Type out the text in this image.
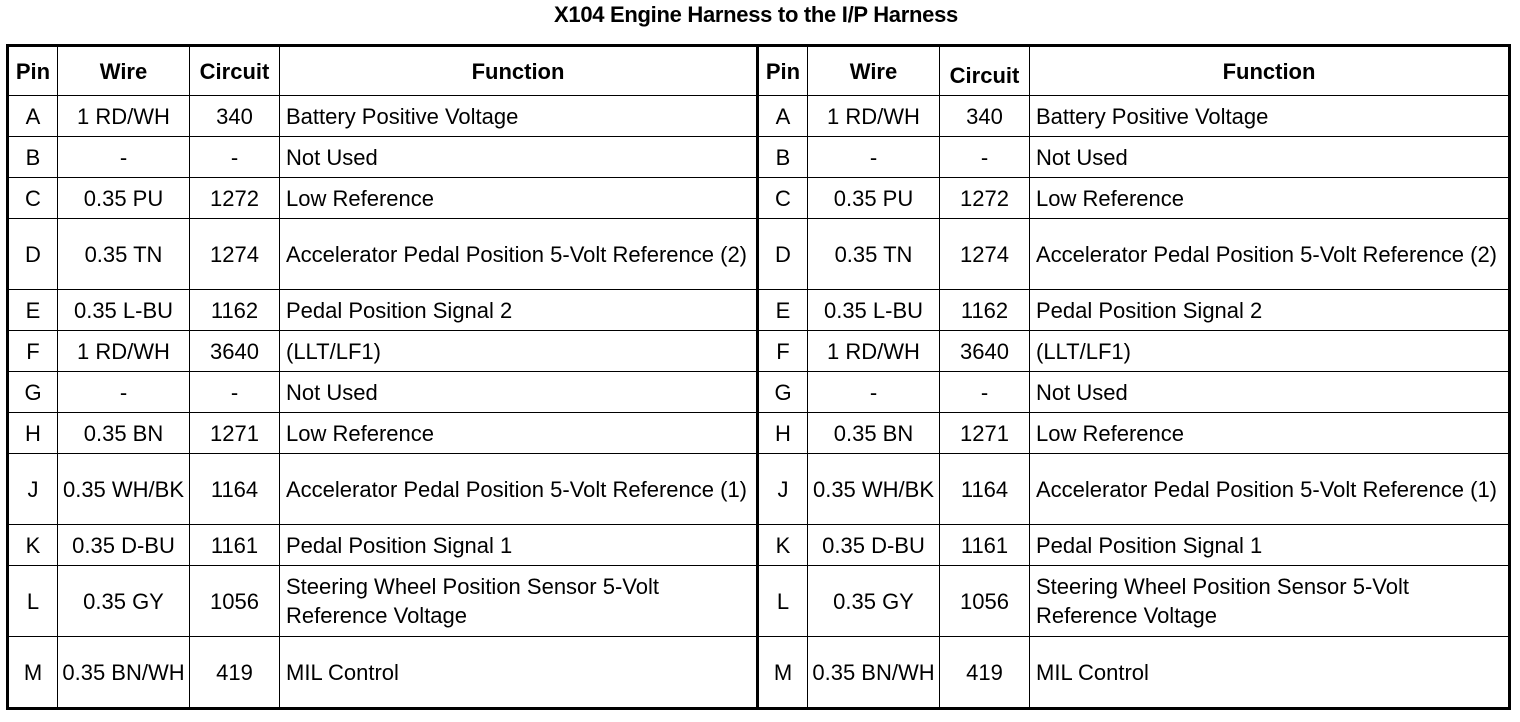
X104 Engine Harness to the I/P Harness
Pin	Wire	Circuit	Function	Pin	Wire	Circuit	Function
A	1 RD/WH	340	Battery Positive Voltage	A	1 RD/WH	340	Battery Positive Voltage
B	-	-	Not Used	B	-	-	Not Used
C	0.35 PU	1272	Low Reference	C	0.35 PU	1272	Low Reference
D	0.35 TN	1274	Accelerator Pedal Position 5-Volt Reference (2)	D	0.35 TN	1274	Accelerator Pedal Position 5-Volt Reference (2)
E	0.35 L-BU	1162	Pedal Position Signal 2	E	0.35 L-BU	1162	Pedal Position Signal 2
F	1 RD/WH	3640	(LLT/LF1)	F	1 RD/WH	3640	(LLT/LF1)
G	-	-	Not Used	G	-	-	Not Used
H	0.35 BN	1271	Low Reference	H	0.35 BN	1271	Low Reference
J	0.35 WH/BK	1164	Accelerator Pedal Position 5-Volt Reference (1)	J	0.35 WH/BK	1164	Accelerator Pedal Position 5-Volt Reference (1)
K	0.35 D-BU	1161	Pedal Position Signal 1	K	0.35 D-BU	1161	Pedal Position Signal 1
L	0.35 GY	1056	Steering Wheel Position Sensor 5-Volt Reference Voltage	L	0.35 GY	1056	Steering Wheel Position Sensor 5-Volt Reference Voltage
M	0.35 BN/WH	419	MIL Control	M	0.35 BN/WH	419	MIL Control
